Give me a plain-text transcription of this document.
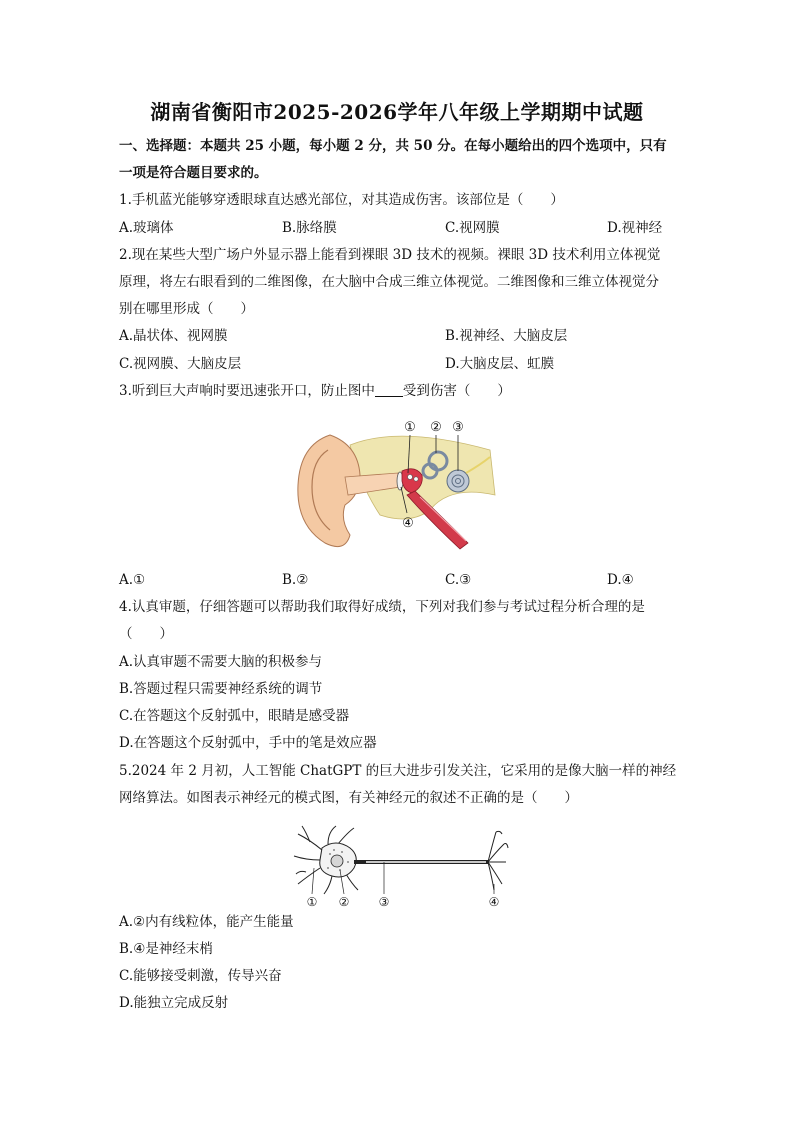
湖南省衡阳市2025-2026学年八年级上学期期中试题
一、选择题：本题共 25 小题，每小题 2 分，共 50 分。在每小题给出的四个选项中，只有
一项是符合题目要求的。
1.手机蓝光能够穿透眼球直达感光部位，对其造成伤害。该部位是（　　）
A.玻璃体	B.脉络膜	C.视网膜	D.视神经
2.现在某些大型广场户外显示器上能看到裸眼 3D 技术的视频。裸眼 3D 技术利用立体视觉
原理，将左右眼看到的二维图像，在大脑中合成三维立体视觉。二维图像和三维立体视觉分
别在哪里形成（　　）
A.晶状体、视网膜	B.视神经、大脑皮层
C.视网膜、大脑皮层	D.大脑皮层、虹膜
3.听到巨大声响时要迅速张开口，防止图中 受到伤害（　　）
① ② ③
④
A.①	B.②	C.③	D.④
4.认真审题，仔细答题可以帮助我们取得好成绩，下列对我们参与考试过程分析合理的是
（　　）
A.认真审题不需要大脑的积极参与
B.答题过程只需要神经系统的调节
C.在答题这个反射弧中，眼睛是感受器
D.在答题这个反射弧中，手中的笔是效应器
5.2024 年 2 月初，人工智能 ChatGPT 的巨大进步引发关注，它采用的是像大脑一样的神经
网络算法。如图表示神经元的模式图，有关神经元的叙述不正确的是（　　）
① ② ③	④
A.②内有线粒体，能产生能量
B.④是神经末梢
C.能够接受刺激，传导兴奋
D.能独立完成反射
